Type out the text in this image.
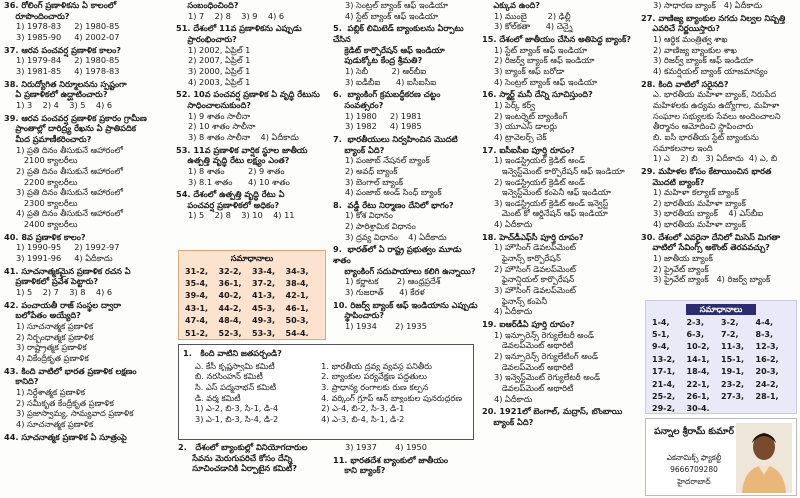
36. రోలింగ్ ప్రణాళికను ఏ కాలంలో
రూపొందించారు?
1) 1978-83     2) 1980-85
3) 1985-90     4) 2002-07
37. ఆరవ పంచవర్ష ప్రణాళిక కాలం?
1) 1979-84     2) 1980-85
3) 1981-85     4) 1978-83
38. నిరుద్యోగిత నిర్మూలనను స్పష్టంగా
ఏ ప్రణాళికలో ఉద్ఘాటించారు?
1) 3    2) 4    3) 5    4) 6
39. ఆరవ పంచవర్ష ప్రణాళిక ప్రకారం గ్రామీణ
ప్రాంతాల్లో దారిద్ర్య రేఖను ఏ ప్రాతిపదిక
మీద ప్రమాణీకరించారు?
1) ప్రతి దినం తీసుకునే ఆహారంలో
2100 క్యాలరీలు
2) ప్రతి దినం తీసుకునే ఆహారంలో
2200 క్యాలరీలు
3) ప్రతి దినం తీసుకునే ఆహారంలో
2300 క్యాలరీలు
4) ప్రతి దినం తీసుకునే ఆహారంలో
2400 క్యాలరీలు
40. 8వ ప్రణాళిక కాలం?
1) 1990-95     2) 1992-97
3) 1991-96     4) ఏదీకాదు
41. సూచనాత్మకమైన ప్రణాళిక రచన ఏ
ప్రణాళికలో ప్రవేశ పెట్టారు?
1) 5    2) 7    3) 8    4) 6
42. పంచాయతీ రాజ్ సంస్థల ద్వారా
బలోపేతం అయ్యేది?
1) సూచనాత్మక ప్రణాళిక
2) నిర్బంధాత్మక ప్రణాళిక
3) రాష్ట్రాత్మక ప్రణాళిక
4) వికేంద్రీకృత ప్రణాళిక
43. కింది వాటిలో భారత ప్రణాళిక లక్షణం
కానిది?
1) నిర్దేశాత్మక ప్రణాళిక
2) సమీకృత కేంద్రీకృత ప్రణాళిక
3) ప్రజాస్వామ్య, సామ్యవాద ప్రణాళిక
4) సూచనాత్మక ప్రణాళిక
44. సూచనాత్మక ప్రణాళిక ఏ సూత్రంపై
సంబంధించింది?
1) 7    2) 8    3) 9    4) 6
51. దేశంలో 11వ ప్రణాళికను ఎప్పుడు
ప్రారంభించారు?
1) 2002, ఏప్రిల్ 1
2) 2007, ఏప్రిల్ 1
3) 2000, ఏప్రిల్ 1
4) 2003, ఏప్రిల్ 1
52. 10వ పంచవర్ష ప్రణాళిక ఏ వృద్ధి రేటును
సాధించాలనుకుంది?
1) 9 శాతం సాలీనా
2) 10 శాతం సాలీనా
3) 8 శాతం సాలీనా    4) ఏదీకాదు
53. 11వ ప్రణాళిక వార్షిక స్థూల జాతీయ
ఉత్పత్తి వృద్ధి రేటు లక్ష్యం ఎంత?
1) 8 శాతం         2) 9 శాతం
3) 8.1 శాతం      4) 10 శాతం
54. దేశంలో ఉత్పత్తి వృద్ధి రేటు ఏ
పంచవర్ష ప్రణాళికలో అధికం?
1) 5    2) 8    3) 10    4) 11
3) సెంట్రల్ బ్యాంక్ ఆఫ్ ఇండియా
4) స్టేట్ బ్యాంక్ ఆఫ్ ఇండియా
5.  పబ్లిక్ లిమిటెడ్ బ్యాంకులను ఏర్పాటు చేసిన
క్రెడిట్ కార్పొరేషన్ ఆఫ్ ఇండియా
పుడుక్కోట కేంద్ర శ్రీమతి?
1) సెబీ         2) ఆర్‌బీఐ
3) ఐడీబీఐ      4) ఐసీఐసీఐ
6.  బ్యాంకింగ్ క్రమబద్ధీకరణ చట్టం
సంవత్సరం?
1) 1980     2) 1981
3) 1982     4) 1985
7.  భారతీయులు నిర్వహించిన మొదటి
బ్యాంక్ ఏది?
1) పంజాబ్ నేషనల్ బ్యాంక్
2) అవధ్ బ్యాంక్
3) బెంగాల్ బ్యాంక్
4) పంజాబ్ అండ్ సింధ్ బ్యాంక్
8.  వడ్డీ రేటు నిర్మాణం దేనిలో భాగం?
1) కోశ విధానం
2) పారిశ్రామిక విధానం
3) ద్రవ్య విధానం    4) ఏదీకాదు
9.  భారత్‌లో ఏ రాష్ట్ర ప్రభుత్వం మూడు శాతం
బ్యాంకింగ్ సదుపాయాలు కలిగి ఉన్నాయి?
1) కర్ణాటక       2) ఆంధ్రప్రదేశ్
3) గుజరాత్      4) కేరళ
10. రిజర్వ్ బ్యాంక్ ఆఫ్ ఇండియాను ఎప్పుడు
స్థాపించారు?
1) 1934       2) 1935
ఎక్కువ ఉంది?
1) ముంబై        2) ఢిల్లీ
3) కోల్‌కతా      4) చెన్నై
15. దేశంలో జాతీయం చేసిన అతిపెద్ద బ్యాంక్?
1) స్టేట్ బ్యాంక్ ఆఫ్ ఇండియా
2) రిజర్వ్ బ్యాంక్ ఆఫ్ ఇండియా
3) బ్యాంక్ ఆఫ్ బరోడా
4) సెంట్రల్ బ్యాంక్ ఆఫ్ ఇండియా
16. స్మార్ట్ మనీ దేన్ని సూచిస్తుంది?
1) పెర్క్ కర్వ్
2) ఇంటర్నెట్ బ్యాంకింగ్
3) యూఎస్ డాలర్లు
4) ట్రావెలర్స్ చెక్
17. ఐసీఐసీఐ పూర్తి రూపం?
1) ఇండస్ట్రియల్ క్రెడిట్ అండ్
ఇన్వెస్ట్‌మెంట్ కార్పొరేషన్ ఆఫ్ ఇండియా
2) ఇండస్ట్రియల్ క్రెడిట్ అండ్
ఇన్వెస్ట్‌మెంట్ కంపెనీ ఆఫ్ ఇండియా
3) ఇండస్ట్రియల్ క్రెడిట్ అండ్ ఇన్వెస్ట్
మెంట్ కో ఆర్డినేషన్ ఆఫ్ ఇండియా
4) ఏదీకాదు
18. హెచ్‌డీఎఫ్‌సీ పూర్తి రూపం?
1) హౌసింగ్ డెవలప్‌మెంట్
ఫైనాన్స్ కార్పొరేషన్
2) హౌసింగ్ డెవలప్‌మెంట్
ఫైనాన్షియల్ కార్పొరేషన్
3) హౌసింగ్ డెవలప్‌మెంట్
ఫైనాన్స్ కంపెనీ
4) ఏదీకాదు
19. ఐఆర్‌డీఏ పూర్తి రూపం?
1) ఇన్సూరెన్స్ రెగ్యులేటరీ అండ్
డెవలప్‌మెంట్ అథారిటీ
2) ఇన్సూరెన్స్ రెగ్యులేటింగ్ అండ్
డెవలప్‌మెంట్ అథారిటీ
3) ఇన్వెస్ట్‌మెంట్ రెగ్యులేటరీ అండ్
డెవలప్‌మెంట్ అథారిటీ
4) ఏదీకాదు
20. 1921లో బెంగాల్, మద్రాస్, బొంబాయి
బ్యాంక్ ఏది?
3) సాధారణ బ్యాంక్   4) ఏదీకాదు
27. వాణిజ్య బ్యాంకుల నగదు నిల్వల నిష్పత్తి
ఎవరిచే నిర్ణయిస్తారు?
1) ఆర్థిక మంత్రిత్వ శాఖ
2) వాణిజ్య బ్యాంకుల శాఖ
3) రిజర్వ్ బ్యాంక్ ఆఫ్ ఇండియా
4) కమర్షియల్ బ్యాంక్ యాజమాన్యం
28. కింది వాటిలో సరైనది?
ఎ. భారతీయ మహిళా బ్యాంక్, నిరుపేద
మహిళలకు ఉద్యమ ఉద్యోగాల, మహిళా
సంఘాల సభ్యులకు సేవలు అందించాలని
తీర్మానం ఆమోదించి స్థాపించారు
బి. ఐసీ భారతీయ స్టేట్ బ్యాంకును
సమాకలనాల ఇంది
1) ఎ    2) బి   3) ఏదీకాదు  4) ఎ, బి
29. మహిళల కోసం కేటాయించిన భారత
మొదటి బ్యాంక్?
1) మహిళా కల్యాణ్ బ్యాంక్
2) భారతీయ మహిళా బ్యాంక్
3) భారతీయ బ్యాంక్    4) ఎస్‌బీఐ
4) భారతీయ మహిళా బ్యాంక్
30. దేశంలో ఎవరైనా దేనిలో మిసెస్ మిగతా
వాటిలో సేవింగ్స్ అకౌంట్ తెరవవచ్చు?
1) జాతీయ బ్యాంక్
2) ప్రైవేట్ బ్యాంక్
3) ప్రైవేట్ బ్యాంక్   4) రిజర్వ్ బ్యాంక్
సమాధానాలు
31-2,	32-2,	33-4,	34-3,
35-4,	36-1,	37-2,	38-4,
39-4,	40-2,	41-3,	42-1,
43-1,	44-2,	45-3,	46-1,
47-4,	48-4,	49-3,	50-3,
51-2,	52-3,	53-3,	54-4.
1.   కింది వాటిని జతపర్చండి?
ఎ. కేసీ కృష్ణస్వామి కమిటీ
బి. నరసింహన్ కమిటీ
సి. ఎస్ పద్మనాభన్ కమిటీ
డి. వర్మ కమిటీ
1) ఎ-2, బి-3, సి-1, డి-4
3) ఎ-1, బి-3, సి-4, డి-2
1. భారతీయ ద్రవ్య వ్యవస్థ పనితీరు
2. బ్యాంకుల పర్యవేక్షణ పద్ధతులు
3. ప్రాధాన్య రంగాలకు రుణ కల్పన
4. వర్కింగ్ గ్రూప్ ఆన్ బ్యాంకుల పునరుద్ధరణ
2) ఎ-4, బి-2, సి-3, డి-1
4) ఎ-3, బి-4, సి-1, డి-2
2.   దేశంలో బ్యాంకుల్లో వినియోగదారుల
సేవను మెరుగుపరిచే కోసం దేన్ని
సూచించడానికి ఏర్పాటైన కమిటీ?
3) 1937       4) 1950
11. భారతదేశ బ్యాంకులో జాతీయం
కాని బ్యాంక్?
సమాధానాలు
1-4,	2-3,	3-2,	4-4,
5-1,	6-3,	7-2,	8-3,
9-4,	10-2,	11-3,	12-3,
13-2,	14-1,	15-1,	16-2,
17-1,	18-4,	19-1,	20-3,
21-4,	22-1,	23-2,	24-2,
25-2,	26-1,	27-3,	28-1,
29-2,	30-4.
పన్నాల శ్రీరామ్ కుమార్
ఎకనామిక్స్ ఫ్యాకల్టీ
9666709280
హైదరాబాద్
